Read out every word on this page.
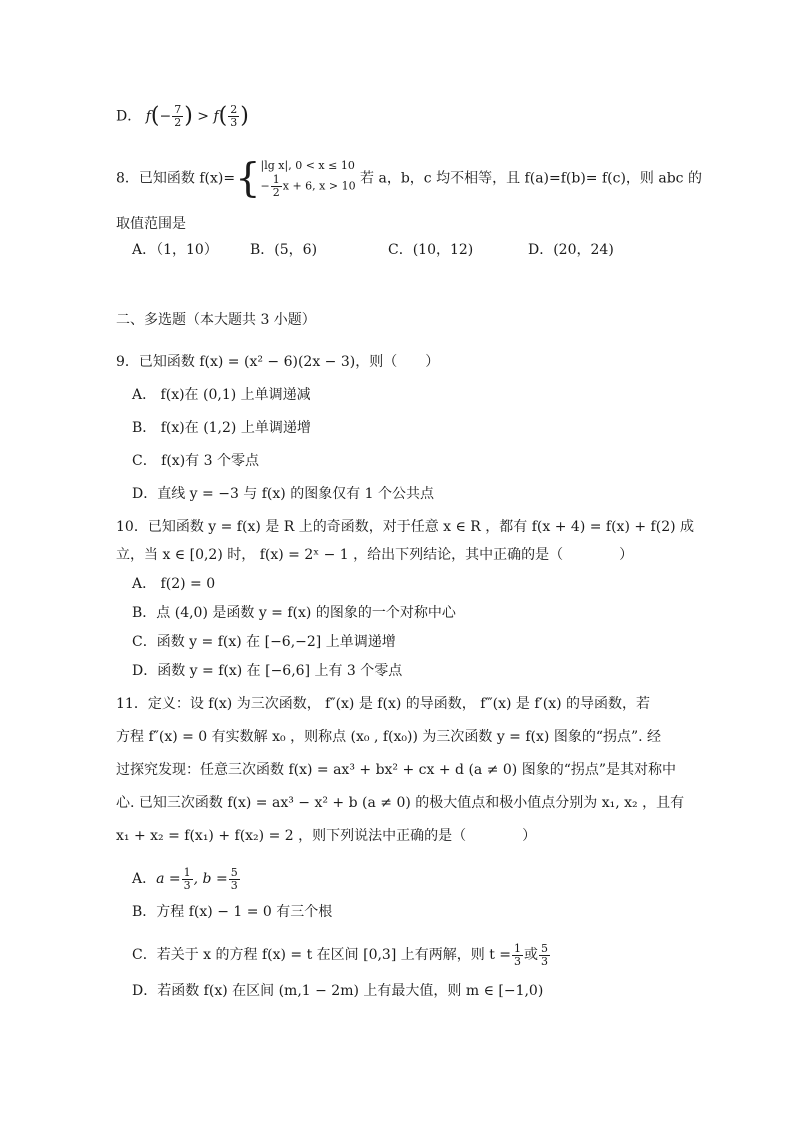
D． $f(- \frac{7}{2}$ ) > $f( \frac{2}{3}$ )
8．已知函数 f(x)={ |lg x|, 0 < x ≤ 10
− $\frac{1}{2}$ x + 6, x > 10 若 a，b，c 均不相等，且 f(a)=f(b)= f(c)，则 abc 的
取值范围是
A．（1，10） B．(5，6)	C．(10，12)	D．(20，24)
二、多选题（本大题共 3 小题）
9．已知函数 f(x) = (x² − 6)(2x − 3)，则（　　）
A． f(x)在 (0,1) 上单调递减
B． f(x)在 (1,2) 上单调递增
C． f(x)有 3 个零点
D．直线 y = −3 与 f(x) 的图象仅有 1 个公共点
10．已知函数 y = f(x) 是 R 上的奇函数，对于任意 x ∈ R ，都有 f(x + 4) = f(x) + f(2) 成
立，当 x ∈ [0,2) 时， f(x) = 2ˣ − 1 ，给出下列结论，其中正确的是（　　　　）
A． f(2) = 0
B．点 (4,0) 是函数 y = f(x) 的图象的一个对称中心
C．函数 y = f(x) 在 [−6,−2] 上单调递增
D．函数 y = f(x) 在 [−6,6] 上有 3 个零点
11．定义：设 f(x) 为三次函数， f″(x) 是 f(x) 的导函数， f‴(x) 是 f′(x) 的导函数，若
方程 f″(x) = 0 有实数解 x₀ ，则称点 (x₀ , f(x₀)) 为三次函数 y = f(x) 图象的“拐点”. 经
过探究发现：任意三次函数 f(x) = ax³ + bx² + cx + d (a ≠ 0) 图象的“拐点”是其对称中
心. 已知三次函数 f(x) = ax³ − x² + b (a ≠ 0) 的极大值点和极小值点分别为 x₁, x₂ ，且有
x₁ + x₂ = f(x₁) + f(x₂) = 2 ，则下列说法中正确的是（　　　　）
A．$a = \frac{1}{3}$ , $b = \frac{5}{3}$
B．方程 f(x) − 1 = 0 有三个根
C．若关于 x 的方程 f(x) = t 在区间 [0,3] 上有两解，则 $t = \frac{1}{3}$ 或 $\frac{5}{3}$
D．若函数 f(x) 在区间 (m,1 − 2m) 上有最大值，则 m ∈ [−1,0)
